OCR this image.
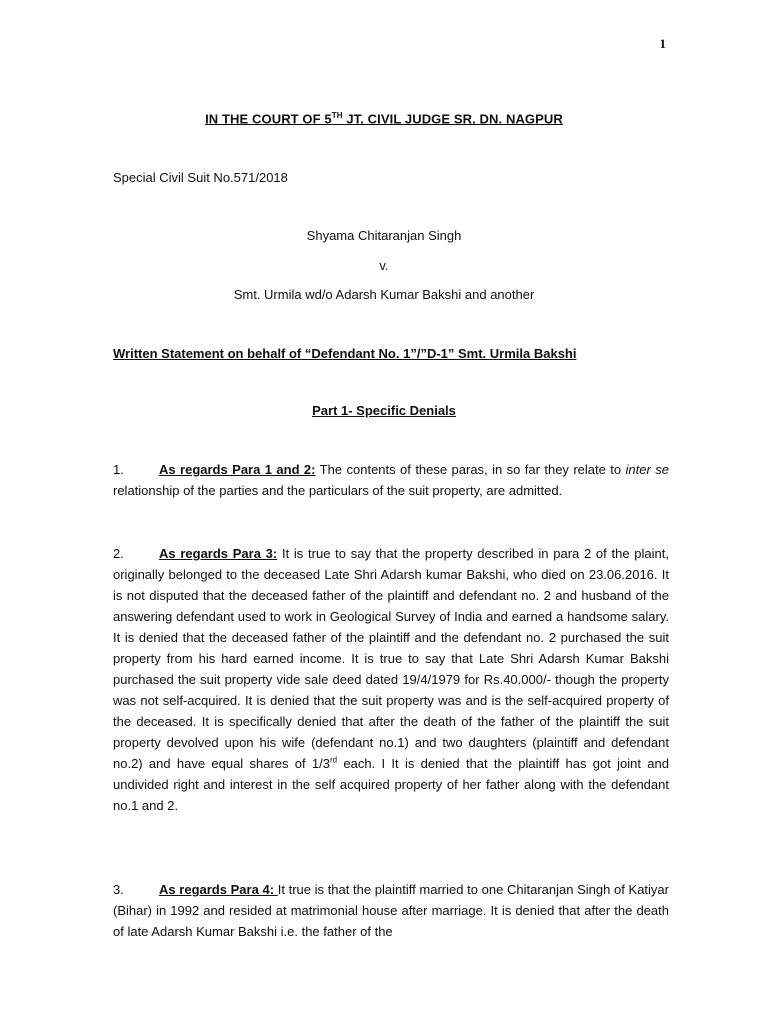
1
IN THE COURT OF 5TH JT. CIVIL JUDGE SR. DN. NAGPUR
Special Civil Suit No.571/2018
Shyama Chitaranjan Singh
v.
Smt. Urmila wd/o Adarsh Kumar Bakshi and another
Written Statement on behalf of “Defendant No. 1”/”D-1” Smt. Urmila Bakshi
Part 1- Specific Denials
1.	As regards Para 1 and 2: The contents of these paras, in so far they relate to inter se relationship of the parties and the particulars of the suit property, are admitted.
2.	As regards Para 3: It is true to say that the property described in para 2 of the plaint, originally belonged to the deceased Late Shri Adarsh kumar Bakshi, who died on 23.06.2016. It is not disputed that the deceased father of the plaintiff and defendant no. 2 and husband of the answering defendant used to work in Geological Survey of India and earned a handsome salary. It is denied that the deceased father of the plaintiff and the defendant no. 2 purchased the suit property from his hard earned income. It is true to say that Late Shri Adarsh Kumar Bakshi purchased the suit property vide sale deed dated 19/4/1979 for Rs.40.000/- though the property was not self-acquired. It is denied that the suit property was and is the self-acquired property of the deceased. It is specifically denied that after the death of the father of the plaintiff the suit property devolved upon his wife (defendant no.1) and two daughters (plaintiff and defendant no.2) and have equal shares of 1/3rd each. I It is denied that the plaintiff has got joint and undivided right and interest in the self acquired property of her father along with the defendant no.1 and 2.
3.	As regards Para 4: It true is that the plaintiff married to one Chitaranjan Singh of Katiyar (Bihar) in 1992 and resided at matrimonial house after marriage. It is denied that after the death of late Adarsh Kumar Bakshi i.e. the father of the
